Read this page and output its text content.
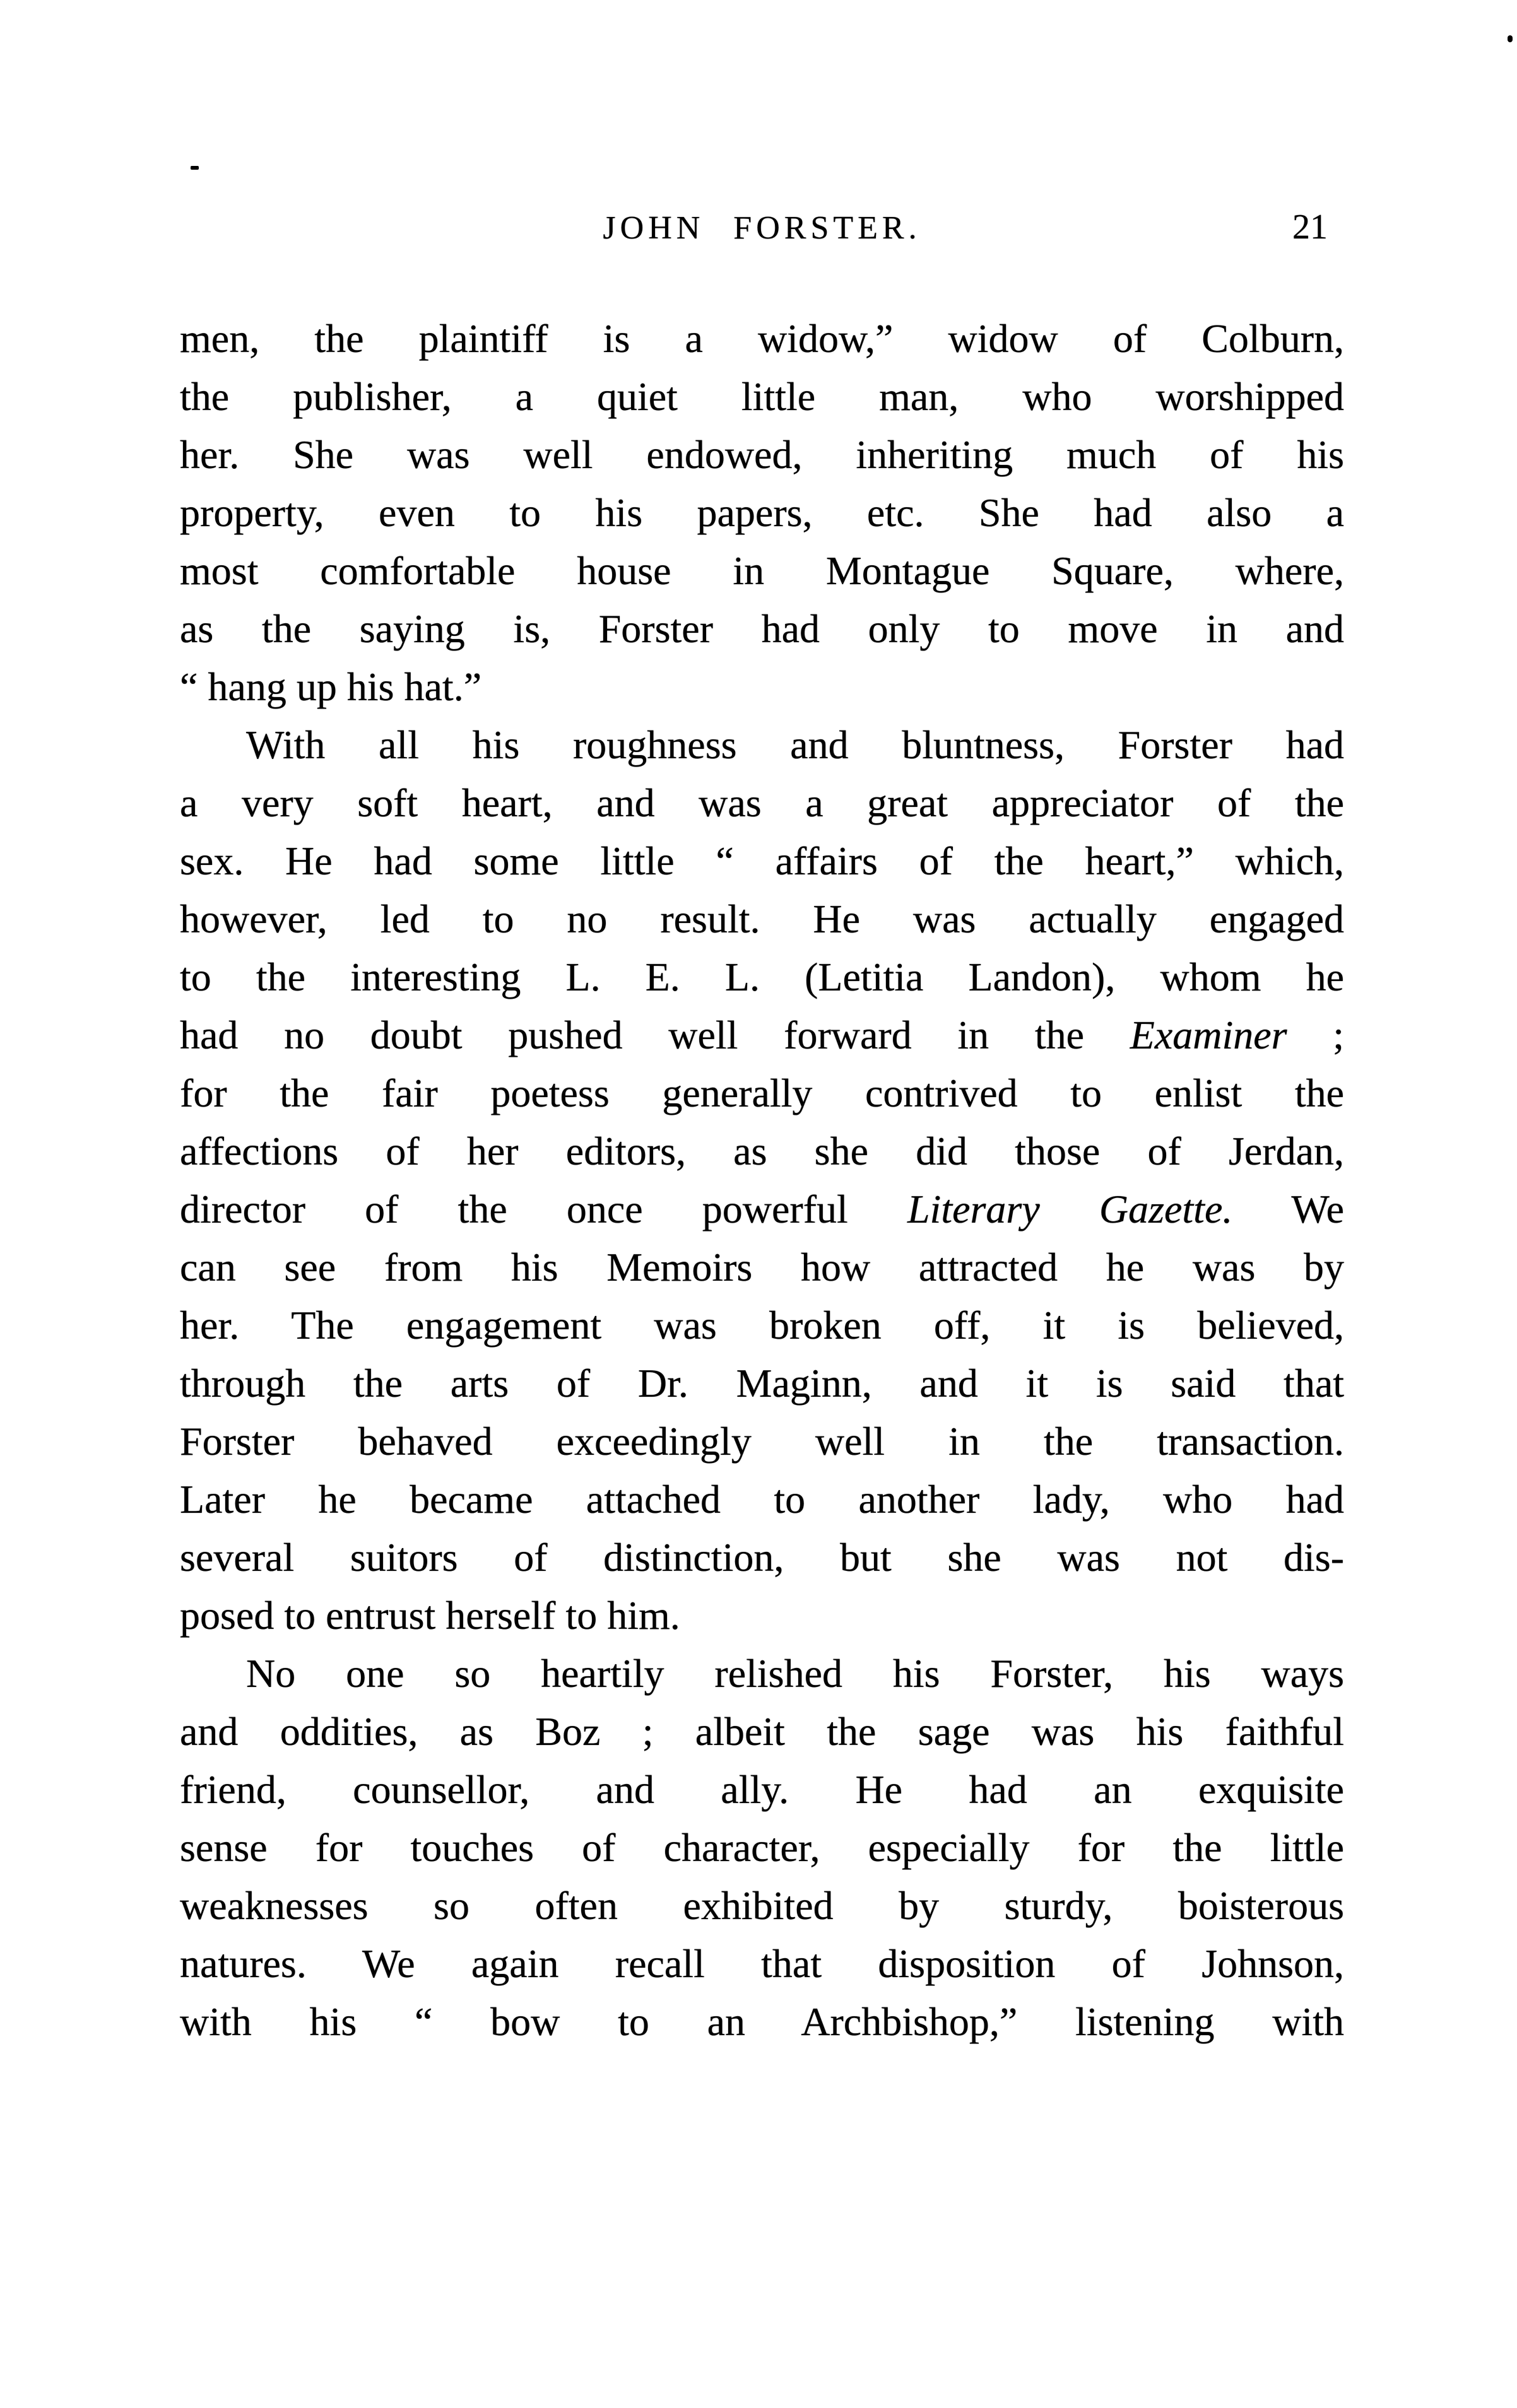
JOHN FORSTER.	21
men, the plaintiff is a widow,” widow of Colburn,
the publisher, a quiet little man, who worshipped
her. She was well endowed, inheriting much of his
property, even to his papers, etc. She had also a
most comfortable house in Montague Square, where,
as the saying is, Forster had only to move in and
“ hang up his hat.”
With all his roughness and bluntness, Forster had
a very soft heart, and was a great appreciator of the
sex. He had some little “ affairs of the heart,” which,
however, led to no result. He was actually engaged
to the interesting L. E. L. (Letitia Landon), whom he
had no doubt pushed well forward in the Examiner ;
for the fair poetess generally contrived to enlist the
affections of her editors, as she did those of Jerdan,
director of the once powerful Literary Gazette. We
can see from his Memoirs how attracted he was by
her. The engagement was broken off, it is believed,
through the arts of Dr. Maginn, and it is said that
Forster behaved exceedingly well in the transaction.
Later he became attached to another lady, who had
several suitors of distinction, but she was not dis-
posed to entrust herself to him.
No one so heartily relished his Forster, his ways
and oddities, as Boz ; albeit the sage was his faithful
friend, counsellor, and ally. He had an exquisite
sense for touches of character, especially for the little
weaknesses so often exhibited by sturdy, boisterous
natures. We again recall that disposition of Johnson,
with his “ bow to an Archbishop,” listening with
